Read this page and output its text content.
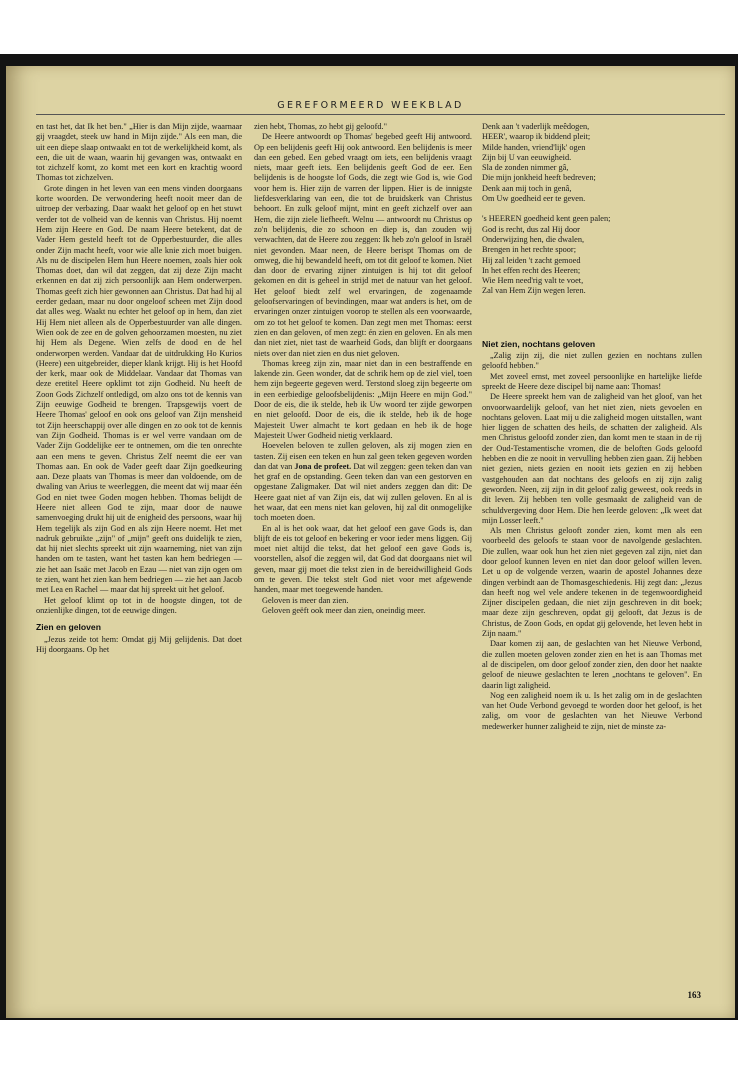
GEREFORMEERD WEEKBLAD

en tast het, dat Ik het ben." „Hier is dan Mijn zijde, waarnaar gij vraagdet, steek uw hand in Mijn zijde." Als een man, die uit een diepe slaap ontwaakt en tot de werkelijkheid komt, als een, die uit de waan, waarin hij gevangen was, ontwaakt en tot zichzelf komt, zo komt met een kort en krachtig woord Thomas tot zichzelven.

Grote dingen in het leven van een mens vinden doorgaans korte woorden. De verwondering heeft nooit meer dan de uitroep der verbazing. Daar waakt het geloof op en het stuwt verder tot de volheid van de kennis van Christus. Hij noemt Hem zijn Heere en God. De naam Heere betekent, dat de Vader Hem gesteld heeft tot de Opperbestuurder, die alles onder Zijn macht heeft, voor wie alle knie zich moet buigen. Als nu de discipelen Hem hun Heere noemen, zoals hier ook Thomas doet, dan wil dat zeggen, dat zij deze Zijn macht erkennen en dat zij zich persoonlijk aan Hem onderwerpen. Thomas geeft zich hier gewonnen aan Christus. Dat had hij al eerder gedaan, maar nu door ongeloof scheen met Zijn dood dat alles weg. Waakt nu echter het geloof op in hem, dan ziet Hij Hem niet alleen als de Opperbestuurder van alle dingen. Wien ook de zee en de golven gehoorzamen moesten, nu ziet hij Hem als Degene. Wien zelfs de dood en de hel onderworpen werden. Vandaar dat de uitdrukking Ho Kurios (Heere) een uitgebreider, dieper klank krijgt. Hij is het Hoofd der kerk, maar ook de Middelaar. Vandaar dat Thomas van deze eretitel Heere opklimt tot zijn Godheid. Nu heeft de Zoon Gods Zichzelf ontledigd, om alzo ons tot de kennis van Zijn eeuwige Godheid te brengen. Trapsgewijs voert de Heere Thomas' geloof en ook ons geloof van Zijn mensheid tot Zijn heerschappij over alle dingen en zo ook tot de kennis van Zijn Godheid. Thomas is er wel verre vandaan om de Vader Zijn Goddelijke eer te ontnemen, om die ten onrechte aan een mens te geven. Christus Zelf neemt die eer van Thomas aan. En ook de Vader geeft daar Zijn goedkeuring aan. Deze plaats van Thomas is meer dan voldoende, om de dwaling van Arius te weerleggen, die meent dat wij maar één God en niet twee Goden mogen hebben. Thomas belijdt de Heere niet alleen God te zijn, maar door de nauwe samenvoeging drukt hij uit de enigheid des persoons, waar hij Hem tegelijk als zijn God en als zijn Heere noemt. Het met nadruk gebruikte „zijn" of „mijn" geeft ons duidelijk te zien, dat hij niet slechts spreekt uit zijn waarneming, niet van zijn handen om te tasten, want het tasten kan hem bedriegen — zie het aan Isaäc met Jacob en Ezau — niet van zijn ogen om te zien, want het zien kan hem bedriegen — zie het aan Jacob met Lea en Rachel — maar dat hij spreekt uit het geloof.

Het geloof klimt op tot in de hoogste dingen, tot de onzienlijke dingen, tot de eeuwige dingen.

Zien en geloven

„Jezus zeide tot hem: Omdat gij Mij gelijdenis. Dat doet Hij doorgaans. Op het

zien hebt, Thomas, zo hebt gij geloofd."

De Heere antwoordt op Thomas' begebed geeft Hij antwoord. Op een belijdenis geeft Hij ook antwoord. Een belijdenis is meer dan een gebed. Een gebed vraagt om iets, een belijdenis vraagt niets, maar geeft iets. Een belijdenis geeft God de eer. Een belijdenis is de hoogste lof Gods, die zegt wie God is, wie God voor hem is. Hier zijn de varren der lippen. Hier is de innigste liefdesverklaring van een, die tot de bruidskerk van Christus behoort. En zulk geloof mijnt, mint en geeft zichzelf over aan Hem, die zijn ziele liefheeft. Welnu — antwoordt nu Christus op zo'n belijdenis, die zo schoon en diep is, dan zouden wij verwachten, dat de Heere zou zeggen: Ik heb zo'n geloof in Israël niet gevonden. Maar neen, de Heere berispt Thomas om de omweg, die hij bewandeld heeft, om tot dit geloof te komen. Niet dan door de ervaring zijner zintuigen is hij tot dit geloof gekomen en dit is geheel in strijd met de natuur van het geloof. Het geloof biedt zelf wel ervaringen, de zogenaamde geloofservaringen of bevindingen, maar wat anders is het, om de ervaringen onzer zintuigen voorop te stellen als een voorwaarde, om zo tot het geloof te komen. Dan zegt men met Thomas: eerst zien en dan geloven, of men zegt: én zien en geloven. En als men dan niet ziet, niet tast de waarheid Gods, dan blijft er doorgaans niets over dan niet zien en dus niet geloven.

Thomas kreeg zijn zin, maar niet dan in een bestraffende en lakende zin. Geen wonder, dat de schrik hem op de ziel viel, toen hem zijn begeerte gegeven werd. Terstond sloeg zijn begeerte om in een eerbiedige geloofsbelijdenis: „Mijn Heere en mijn God." Door de eis, die ik stelde, heb ik Uw woord ter zijde geworpen en niet geloofd. Door de eis, die ik stelde, heb ik de hoge Majesteit Uwer almacht te kort gedaan en heb ik de hoge Majesteit Uwer Godheid nietig verklaard.

Hoevelen beloven te zullen geloven, als zij mogen zien en tasten. Zij eisen een teken en hun zal geen teken gegeven worden dan dat van Jona de profeet. Dat wil zeggen: geen teken dan van het graf en de opstanding. Geen teken dan van een gestorven en opgestane Zaligmaker. Dat wil niet anders zeggen dan dit: De Heere gaat niet af van Zijn eis, dat wij zullen geloven. En al is het waar, dat een mens niet kan geloven, hij zal dit onmogelijke toch moeten doen.

En al is het ook waar, dat het geloof een gave Gods is, dan blijft de eis tot geloof en bekering er voor ieder mens liggen. Gij moet niet altijd die tekst, dat het geloof een gave Gods is, voorstellen, alsof die zeggen wil, dat God dat doorgaans niet wil geven, maar gij moet die tekst zien in de bereidwilligheid Gods om te geven. Die tekst stelt God niet voor met afgewende handen, maar met toegewende handen.

Geloven is meer dan zien.

Geloven geëft ook meer dan zien, oneindig meer.

Denk aan 't vaderlijk meêdogen,

HEER', waarop ik biddend pleit;

Milde handen, vriend'lijk' ogen

Zijn bij U van eeuwigheid.

Sla de zonden nimmer gâ,

Die mijn jonkheid heeft bedreven;

Denk aan mij toch in genâ,

Om Uw goedheid eer te geven.

's HEEREN goedheid kent geen palen;

God is recht, dus zal Hij door

Onderwijzing hen, die dwalen,

Brengen in het rechte spoor;

Hij zal leiden 't zacht gemoed

In het effen recht des Heeren;

Wie Hem need'rig valt te voet,

Zal van Hem Zijn wegen leren.

Niet zien, nochtans geloven

„Zalig zijn zij, die niet zullen gezien en nochtans zullen geloofd hebben."

Met zoveel ernst, met zoveel persoonlijke en hartelijke liefde spreekt de Heere deze discipel bij name aan: Thomas!

De Heere spreekt hem van de zaligheid van het gloof, van het onvoorwaardelijk geloof, van het niet zien, niets gevoelen en nochtans geloven. Laat mij u die zaligheid mogen uitstallen, want hier liggen de schatten des heils, de schatten der zaligheid. Als men Christus geloofd zonder zien, dan komt men te staan in de rij der Oud-Testamentische vromen, die de beloften Gods geloofd hebben en die ze nooit in vervulling hebben zien gaan. Zij hebben niet gezien, niets gezien en nooit iets gezien en zij hebben vastgehouden aan dat nochtans des geloofs en zij zijn zalig geworden. Neen, zij zijn in dit geloof zalig geweest, ook reeds in dit leven. Zij hebben ten volle gesmaakt de zaligheid van de schuldvergeving door Hem. Die hen leerde geloven: „Ik weet dat mijn Losser leeft."

Als men Christus gelooft zonder zien, komt men als een voorbeeld des geloofs te staan voor de navolgende geslachten. Die zullen, waar ook hun het zien niet gegeven zal zijn, niet dan door geloof kunnen leven en niet dan door geloof willen leven. Let u op de volgende verzen, waarin de apostel Johannes deze dingen verbindt aan de Thomasgeschiedenis. Hij zegt dan: „Jezus dan heeft nog wel vele andere tekenen in de tegenwoordigheid Zijner discipelen gedaan, die niet zijn geschreven in dit boek; maar deze zijn geschreven, opdat gij gelooft, dat Jezus is de Christus, de Zoon Gods, en opdat gij gelovende, het leven hebt in Zijn naam."

Daar komen zij aan, de geslachten van het Nieuwe Verbond, die zullen moeten geloven zonder zien en het is aan Thomas met al de discipelen, om door geloof zonder zien, den door het naakte geloof de nieuwe geslachten te leren „nochtans te geloven". En daarin ligt zaligheid.

Nog een zaligheid noem ik u. Is het zalig om in de geslachten van het Oude Verbond gevoegd te worden door het geloof, is het zalig, om voor de geslachten van het Nieuwe Verbond medewerker hunner zaligheid te zijn, niet de minste za-

163
